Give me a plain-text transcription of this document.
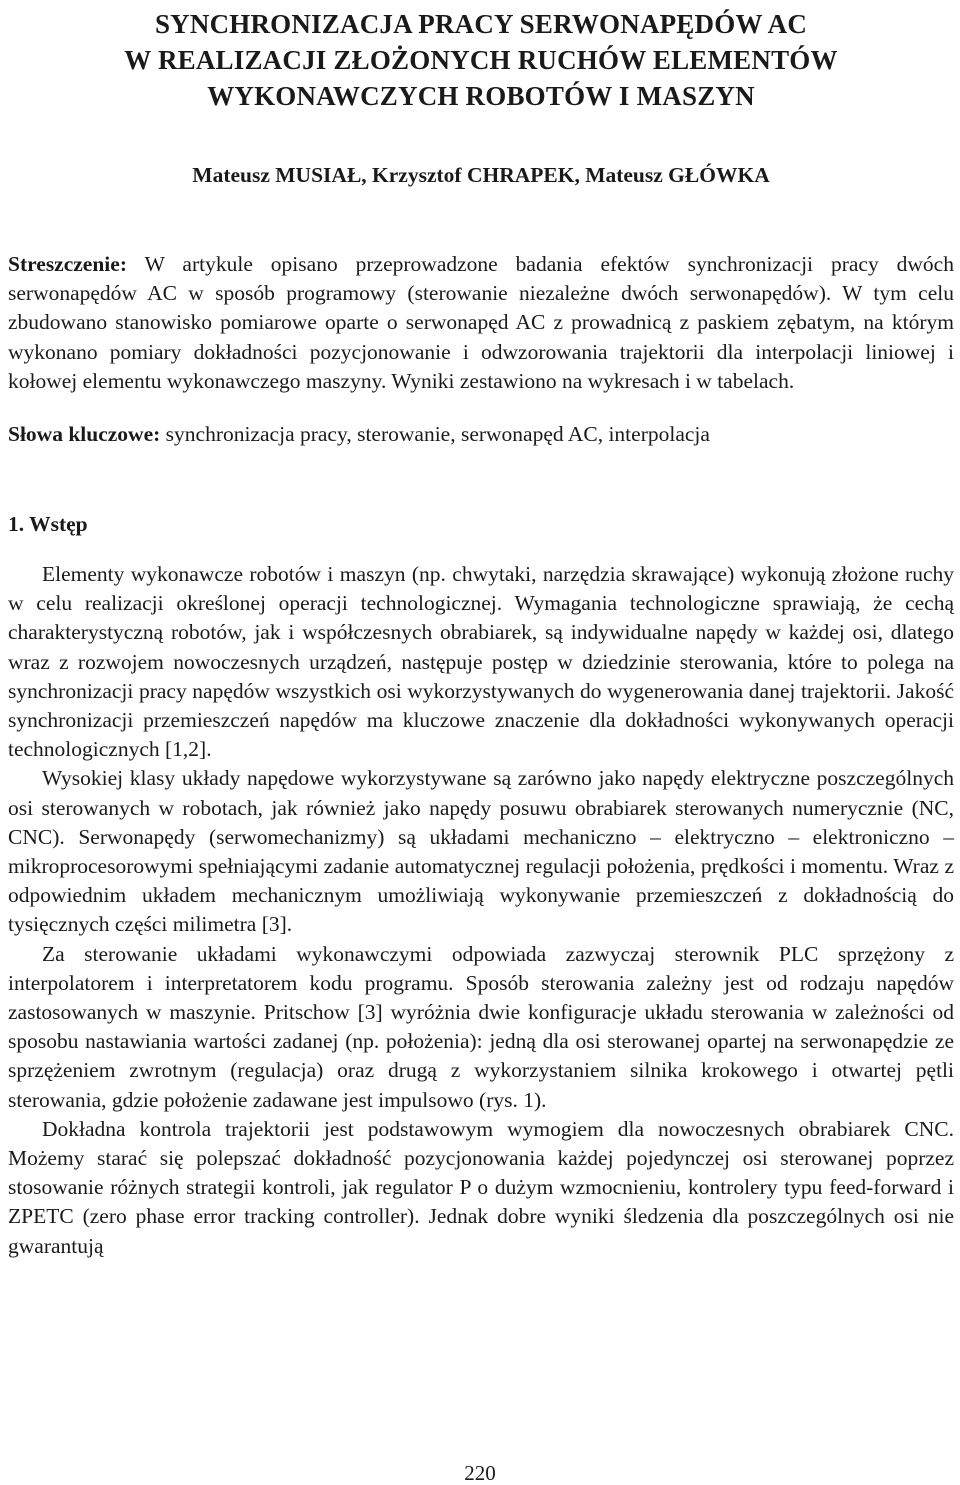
SYNCHRONIZACJA PRACY SERWONAPĘDÓW AC
W REALIZACJI ZŁOŻONYCH RUCHÓW ELEMENTÓW
WYKONAWCZYCH ROBOTÓW I MASZYN
Mateusz MUSIAŁ, Krzysztof CHRAPEK, Mateusz GŁÓWKA
Streszczenie: W artykule opisano przeprowadzone badania efektów synchronizacji pracy dwóch serwonapędów AC w sposób programowy (sterowanie niezależne dwóch serwonapędów). W tym celu zbudowano stanowisko pomiarowe oparte o serwonapęd AC z prowadnicą z paskiem zębatym, na którym wykonano pomiary dokładności pozycjonowanie i odwzorowania trajektorii dla interpolacji liniowej i kołowej elementu wykonawczego maszyny. Wyniki zestawiono na wykresach i w tabelach.
Słowa kluczowe: synchronizacja pracy, sterowanie, serwonapęd AC, interpolacja
1. Wstęp

Elementy wykonawcze robotów i maszyn (np. chwytaki, narzędzia skrawające) wykonują złożone ruchy w celu realizacji określonej operacji technologicznej. Wymagania technologiczne sprawiają, że cechą charakterystyczną robotów, jak i współczesnych obrabiarek, są indywidualne napędy w każdej osi, dlatego wraz z rozwojem nowoczesnych urządzeń, następuje postęp w dziedzinie sterowania, które to polega na synchronizacji pracy napędów wszystkich osi wykorzystywanych do wygenerowania danej trajektorii. Jakość synchronizacji przemieszczeń napędów ma kluczowe znaczenie dla dokładności wykonywanych operacji technologicznych [1,2].

Wysokiej klasy układy napędowe wykorzystywane są zarówno jako napędy elektryczne poszczególnych osi sterowanych w robotach, jak również jako napędy posuwu obrabiarek sterowanych numerycznie (NC, CNC). Serwonapędy (serwomechanizmy) są układami mechaniczno – elektryczno – elektroniczno – mikroprocesorowymi spełniającymi zadanie automatycznej regulacji położenia, prędkości i momentu. Wraz z odpowiednim układem mechanicznym umożliwiają wykonywanie przemieszczeń z dokładnością do tysięcznych części milimetra [3].

Za sterowanie układami wykonawczymi odpowiada zazwyczaj sterownik PLC sprzężony z interpolatorem i interpretatorem kodu programu. Sposób sterowania zależny jest od rodzaju napędów zastosowanych w maszynie. Pritschow [3] wyróżnia dwie konfiguracje układu sterowania w zależności od sposobu nastawiania wartości zadanej (np. położenia): jedną dla osi sterowanej opartej na serwonapędzie ze sprzężeniem zwrotnym (regulacja) oraz drugą z wykorzystaniem silnika krokowego i otwartej pętli sterowania, gdzie położenie zadawane jest impulsowo (rys. 1).

Dokładna kontrola trajektorii jest podstawowym wymogiem dla nowoczesnych obrabiarek CNC. Możemy starać się polepszać dokładność pozycjonowania każdej pojedynczej osi sterowanej poprzez stosowanie różnych strategii kontroli, jak regulator P o dużym wzmocnieniu, kontrolery typu feed-forward i ZPETC (zero phase error tracking controller). Jednak dobre wyniki śledzenia dla poszczególnych osi nie gwarantują

220
